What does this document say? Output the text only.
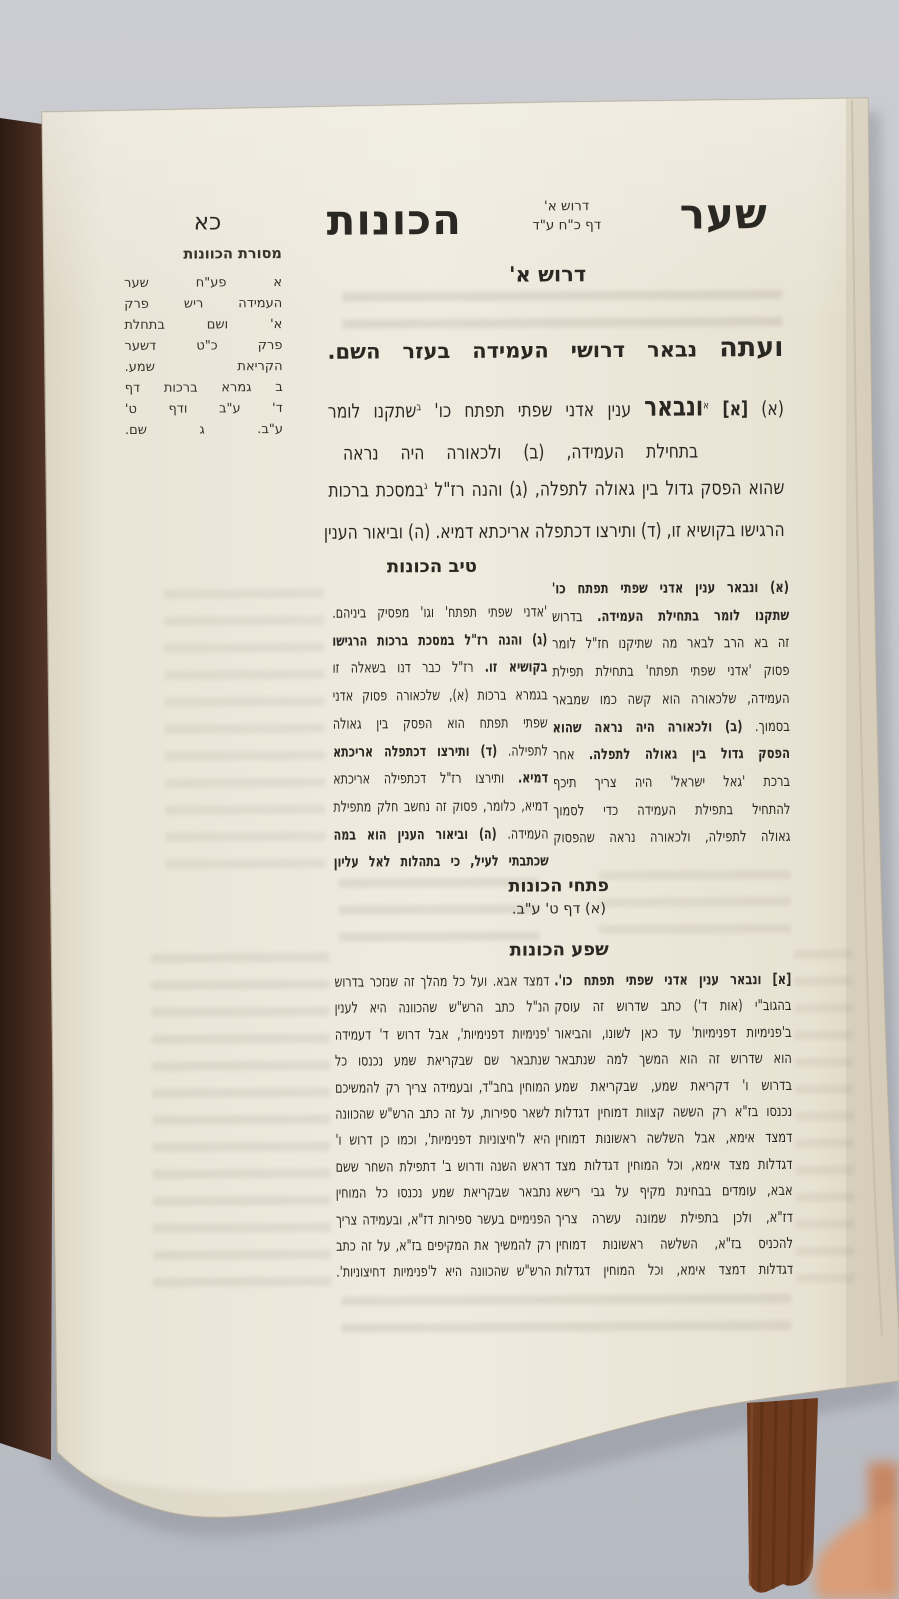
שער
דרוש א'
דף כ"ח ע"ד
הכונות
כא
דרוש א'
מסורת הכוונות
א פע"ח שער
העמידה ריש פרק
א' ושם בתחלת
פרק כ"ט דשער
הקריאת שמע.
ב גמרא ברכות דף
ד' ע"ב ודף ט'
ע"ב. ג שם.
ועתה נבאר דרושי העמידה בעזר השם.
(א) [א] $^א$ונבאר ענין אדני שפתי תפתח כו' $^ב$שתקנו לומר
בתחילת העמידה, (ב) ולכאורה היה נראה
שהוא הפסק גדול בין גאולה לתפלה, (ג) והנה רז"ל $^ג$במסכת ברכות
הרגישו בקושיא זו, (ד) ותירצו דכתפלה אריכתא דמיא. (ה) וביאור הענין
טיב הכונות
(א) ונבאר ענין אדני שפתי תפתח כו'
שתקנו לומר בתחילת העמידה. בדרוש
זה בא הרב לבאר מה שתיקנו חז"ל לומר
פסוק 'אדני שפתי תפתח' בתחילת תפילת
העמידה, שלכאורה הוא קשה כמו שמבאר
בסמוך. (ב) ולכאורה היה נראה שהוא
הפסק גדול בין גאולה לתפלה. אחר
ברכת 'גאל ישראל' היה צריך תיכף
להתחיל בתפילת העמידה כדי לסמוך
גאולה לתפילה, ולכאורה נראה שהפסוק
'אדני שפתי תפתח' וגו' מפסיק ביניהם.
(ג) והנה רז"ל במסכת ברכות הרגישו
בקושיא זו. רז"ל כבר דנו בשאלה זו
בגמרא ברכות (א), שלכאורה פסוק אדני
שפתי תפתח הוא הפסק בין גאולה
לתפילה. (ד) ותירצו דכתפלה אריכתא
דמיא. ותירצו רז"ל דכתפילה אריכתא
דמיא, כלומר, פסוק זה נחשב חלק מתפילת
העמידה. (ה) וביאור הענין הוא במה
שכתבתי לעיל, כי בתהלות לאל עליון
פתחי הכונות
(א) דף ט' ע"ב.
שפע הכונות
[א] ונבאר ענין אדני שפתי תפתח כו'.
בהגוב"י (אות ד') כתב שדרוש זה עוסק
ב'פנימיות דפנימיות' עד כאן לשונו, והביאור
הוא שדרוש זה הוא המשך למה שנתבאר
בדרוש ו' דקריאת שמע, שבקריאת שמע
נכנסו בז"א רק הששה קצוות דמוחין דגדלות
דמצד אימא, אבל השלשה ראשונות דמוחין
דגדלות מצד אימא, וכל המוחין דגדלות מצד
אבא, עומדים בבחינת מקיף על גבי רישא
דז"א, ולכן בתפילת שמונה עשרה צריך
להכניס בז"א, השלשה ראשונות דמוחין
דגדלות דמצד אימא, וכל המוחין דגדלות
דמצד אבא. ועל כל מהלך זה שנזכר בדרוש
הנ"ל כתב הרש"ש שהכוונה היא לענין
'פנימיות דפנימיות', אבל דרוש ד' דעמידה
שנתבאר שם שבקריאת שמע נכנסו כל
המוחין בחב"ד, ובעמידה צריך רק להמשיכם
לשאר ספירות, על זה כתב הרש"ש שהכוונה
היא ל'חיצוניות דפנימיות', וכמו כן דרוש ו'
דראש השנה ודרוש ב' דתפילת השחר ששם
נתבאר שבקריאת שמע נכנסו כל המוחין
הפנימיים בעשר ספירות דז"א, ובעמידה צריך
רק להמשיך את המקיפים בז"א, על זה כתב
הרש"ש שהכוונה היא ל'פנימיות דחיצוניות'.
